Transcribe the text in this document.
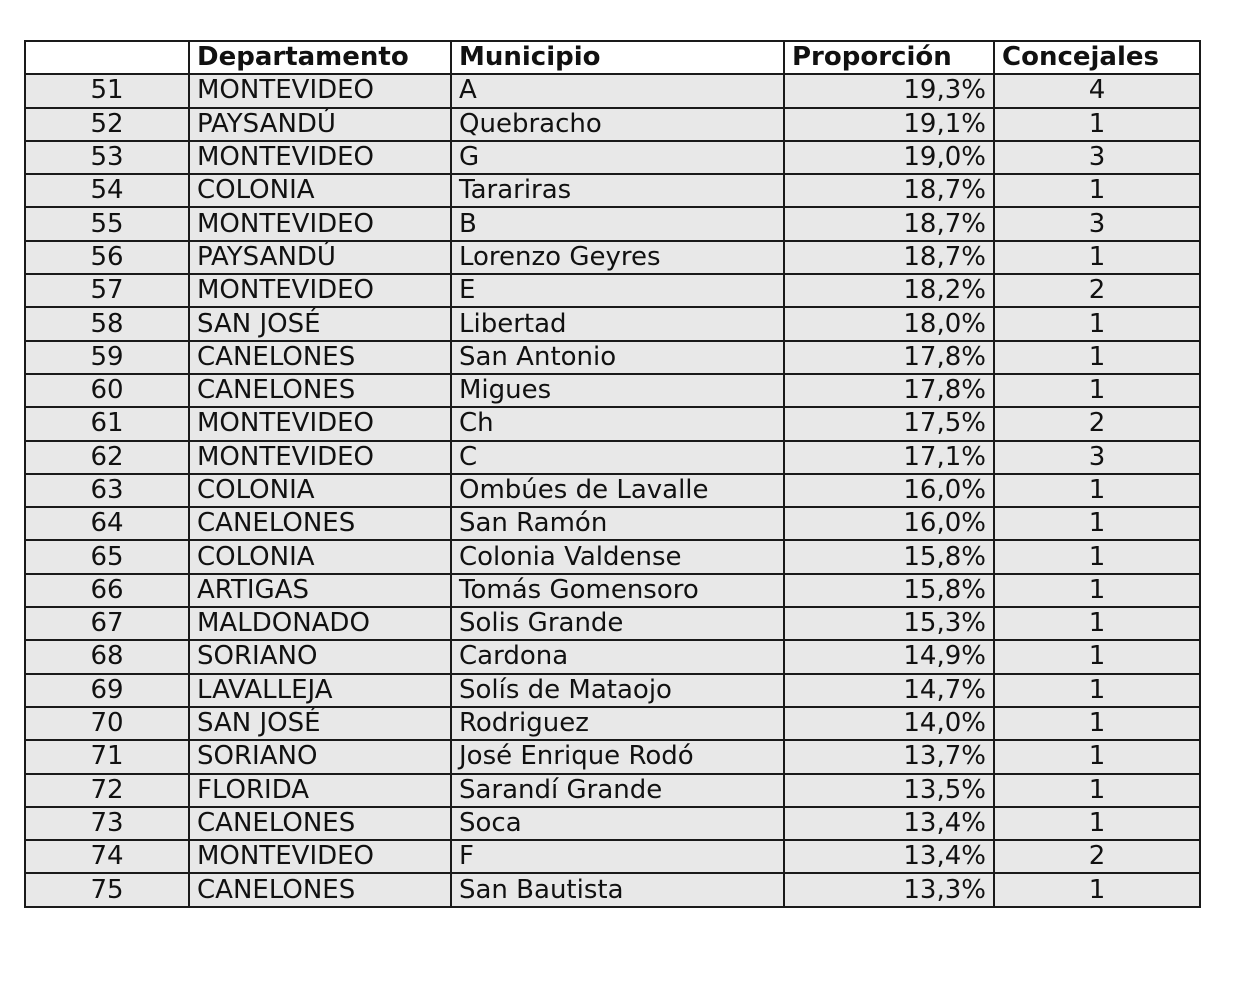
	Departamento	Municipio	Proporción	Concejales
51	MONTEVIDEO	A	19,3%	4
52	PAYSANDÚ	Quebracho	19,1%	1
53	MONTEVIDEO	G	19,0%	3
54	COLONIA	Tarariras	18,7%	1
55	MONTEVIDEO	B	18,7%	3
56	PAYSANDÚ	Lorenzo Geyres	18,7%	1
57	MONTEVIDEO	E	18,2%	2
58	SAN JOSÉ	Libertad	18,0%	1
59	CANELONES	San Antonio	17,8%	1
60	CANELONES	Migues	17,8%	1
61	MONTEVIDEO	Ch	17,5%	2
62	MONTEVIDEO	C	17,1%	3
63	COLONIA	Ombúes de Lavalle	16,0%	1
64	CANELONES	San Ramón	16,0%	1
65	COLONIA	Colonia Valdense	15,8%	1
66	ARTIGAS	Tomás Gomensoro	15,8%	1
67	MALDONADO	Solis Grande	15,3%	1
68	SORIANO	Cardona	14,9%	1
69	LAVALLEJA	Solís de Mataojo	14,7%	1
70	SAN JOSÉ	Rodriguez	14,0%	1
71	SORIANO	José Enrique Rodó	13,7%	1
72	FLORIDA	Sarandí Grande	13,5%	1
73	CANELONES	Soca	13,4%	1
74	MONTEVIDEO	F	13,4%	2
75	CANELONES	San Bautista	13,3%	1
